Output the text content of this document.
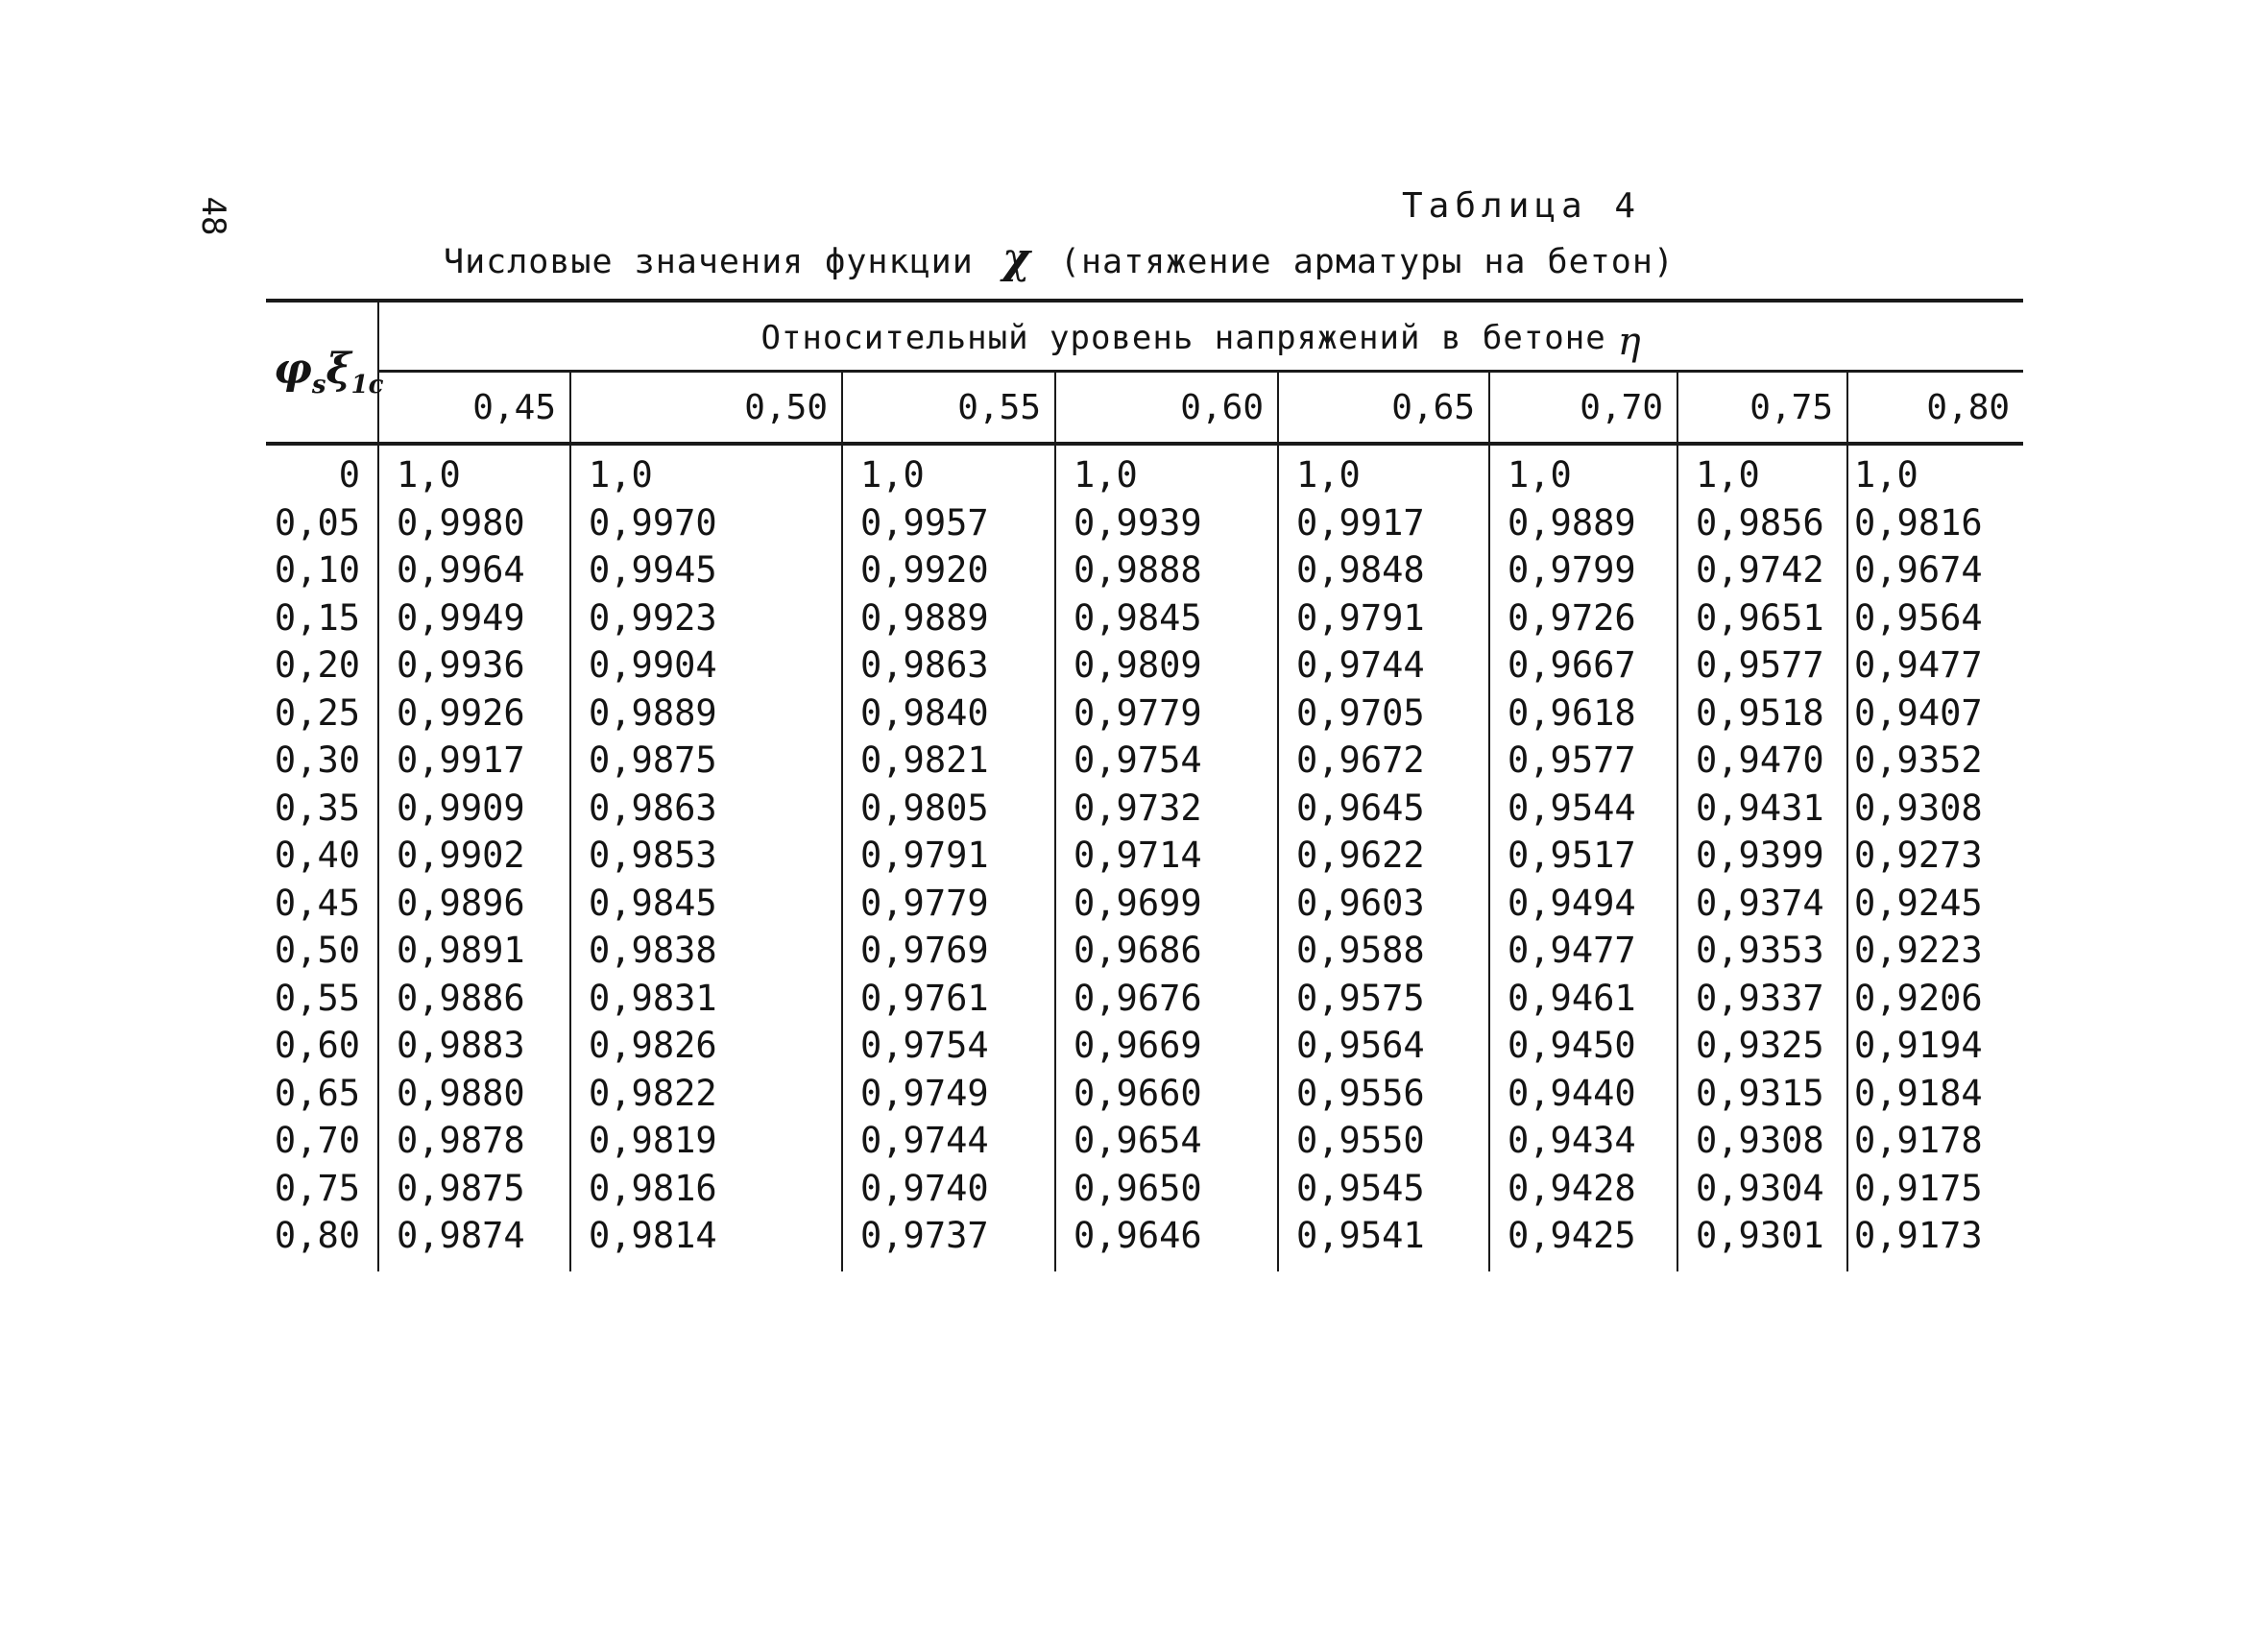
48	Таблица 4
Числовые значения функции χ (натяжение арматуры на бетон)
$\varphi_s\xi_{1c}$	Относительный уровень напряжений в бетоне η							
	0,45	0,50	0,55	0,60	0,65	0,70	0,75	0,80
0	1,0	1,0	1,0	1,0	1,0	1,0	1,0	1,0
0,05	0,9980	0,9970	0,9957	0,9939	0,9917	0,9889	0,9856	0,9816
0,10	0,9964	0,9945	0,9920	0,9888	0,9848	0,9799	0,9742	0,9674
0,15	0,9949	0,9923	0,9889	0,9845	0,9791	0,9726	0,9651	0,9564
0,20	0,9936	0,9904	0,9863	0,9809	0,9744	0,9667	0,9577	0,9477
0,25	0,9926	0,9889	0,9840	0,9779	0,9705	0,9618	0,9518	0,9407
0,30	0,9917	0,9875	0,9821	0,9754	0,9672	0,9577	0,9470	0,9352
0,35	0,9909	0,9863	0,9805	0,9732	0,9645	0,9544	0,9431	0,9308
0,40	0,9902	0,9853	0,9791	0,9714	0,9622	0,9517	0,9399	0,9273
0,45	0,9896	0,9845	0,9779	0,9699	0,9603	0,9494	0,9374	0,9245
0,50	0,9891	0,9838	0,9769	0,9686	0,9588	0,9477	0,9353	0,9223
0,55	0,9886	0,9831	0,9761	0,9676	0,9575	0,9461	0,9337	0,9206
0,60	0,9883	0,9826	0,9754	0,9669	0,9564	0,9450	0,9325	0,9194
0,65	0,9880	0,9822	0,9749	0,9660	0,9556	0,9440	0,9315	0,9184
0,70	0,9878	0,9819	0,9744	0,9654	0,9550	0,9434	0,9308	0,9178
0,75	0,9875	0,9816	0,9740	0,9650	0,9545	0,9428	0,9304	0,9175
0,80	0,9874	0,9814	0,9737	0,9646	0,9541	0,9425	0,9301	0,9173
